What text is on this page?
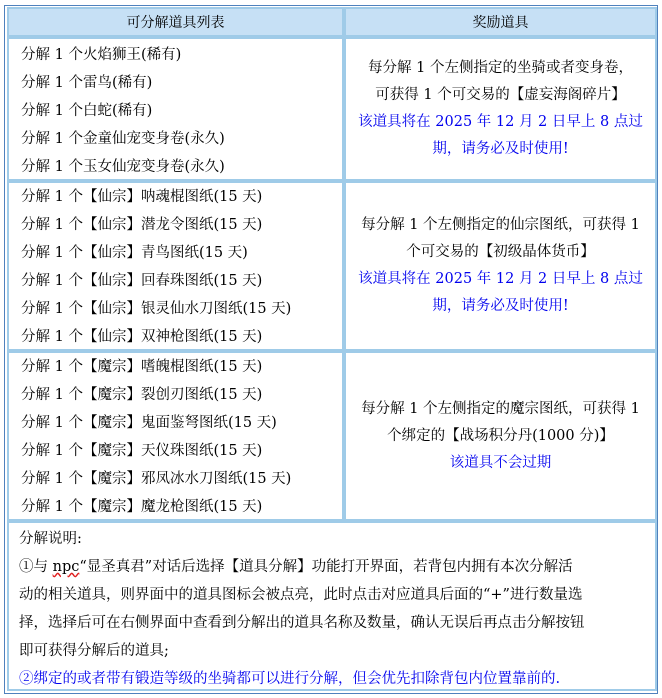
可分解道具列表	奖励道具
分解 1 个火焰狮王(稀有)
分解 1 个雷鸟(稀有)
分解 1 个白蛇(稀有)
分解 1 个金童仙宠变身卷(永久)
分解 1 个玉女仙宠变身卷(永久)
每分解 1 个左侧指定的坐骑或者变身卷，
可获得 1 个可交易的【虚妄海阁碎片】
该道具将在 2025 年 12 月 2 日早上 8 点过
期，请务必及时使用!
分解 1 个【仙宗】呐魂棍图纸(15 天)
分解 1 个【仙宗】潜龙令图纸(15 天)
分解 1 个【仙宗】青鸟图纸(15 天)
分解 1 个【仙宗】回春珠图纸(15 天)
分解 1 个【仙宗】银灵仙水刀图纸(15 天)
分解 1 个【仙宗】双神枪图纸(15 天)
每分解 1 个左侧指定的仙宗图纸，可获得 1
个可交易的【初级晶体货币】
该道具将在 2025 年 12 月 2 日早上 8 点过
期，请务必及时使用!
分解 1 个【魔宗】嗜魄棍图纸(15 天)
分解 1 个【魔宗】裂创刃图纸(15 天)
分解 1 个【魔宗】鬼面鉴弩图纸(15 天)
分解 1 个【魔宗】天仪珠图纸(15 天)
分解 1 个【魔宗】邪凤冰水刀图纸(15 天)
分解 1 个【魔宗】魔龙枪图纸(15 天)
每分解 1 个左侧指定的魔宗图纸，可获得 1
个绑定的【战场积分丹(1000 分)】
该道具不会过期
分解说明:
①与 npc“显圣真君”对话后选择【道具分解】功能打开界面，若背包内拥有本次分解活
动的相关道具，则界面中的道具图标会被点亮，此时点击对应道具后面的“+”进行数量选
择，选择后可在右侧界面中查看到分解出的道具名称及数量，确认无误后再点击分解按钮
即可获得分解后的道具;
②绑定的或者带有锻造等级的坐骑都可以进行分解，但会优先扣除背包内位置靠前的.
